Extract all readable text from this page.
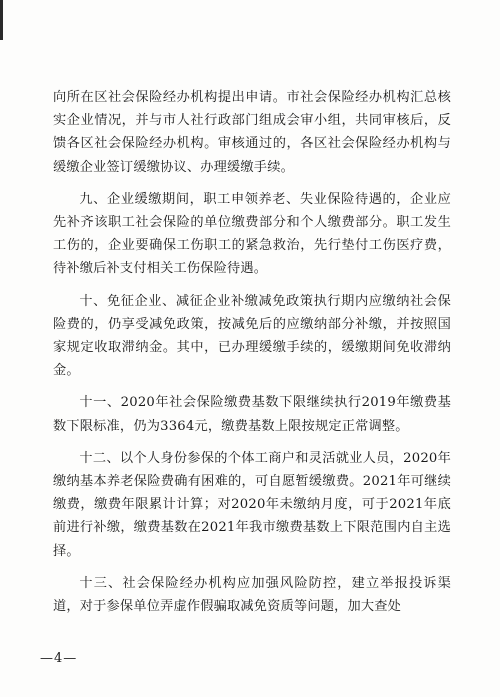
向所在区社会保险经办机构提出申请。市社会保险经办机构汇总核实企业情况，并与市人社行政部门组成会审小组，共同审核后，反馈各区社会保险经办机构。审核通过的，各区社会保险经办机构与缓缴企业签订缓缴协议、办理缓缴手续。

九、企业缓缴期间，职工申领养老、失业保险待遇的，企业应先补齐该职工社会保险的单位缴费部分和个人缴费部分。职工发生工伤的，企业要确保工伤职工的紧急救治，先行垫付工伤医疗费，待补缴后补支付相关工伤保险待遇。

十、免征企业、减征企业补缴减免政策执行期内应缴纳社会保险费的，仍享受减免政策，按减免后的应缴纳部分补缴，并按照国家规定收取滞纳金。其中，已办理缓缴手续的，缓缴期间免收滞纳金。

十一、2020年社会保险缴费基数下限继续执行2019年缴费基数下限标准，仍为3364元，缴费基数上限按规定正常调整。

十二、以个人身份参保的个体工商户和灵活就业人员，2020年缴纳基本养老保险费确有困难的，可自愿暂缓缴费。2021年可继续缴费，缴费年限累计计算；对2020年未缴纳月度，可于2021年底前进行补缴，缴费基数在2021年我市缴费基数上下限范围内自主选择。

十三、社会保险经办机构应加强风险防控，建立举报投诉渠道，对于参保单位弄虚作假骗取减免资质等问题，加大查处

—4—
